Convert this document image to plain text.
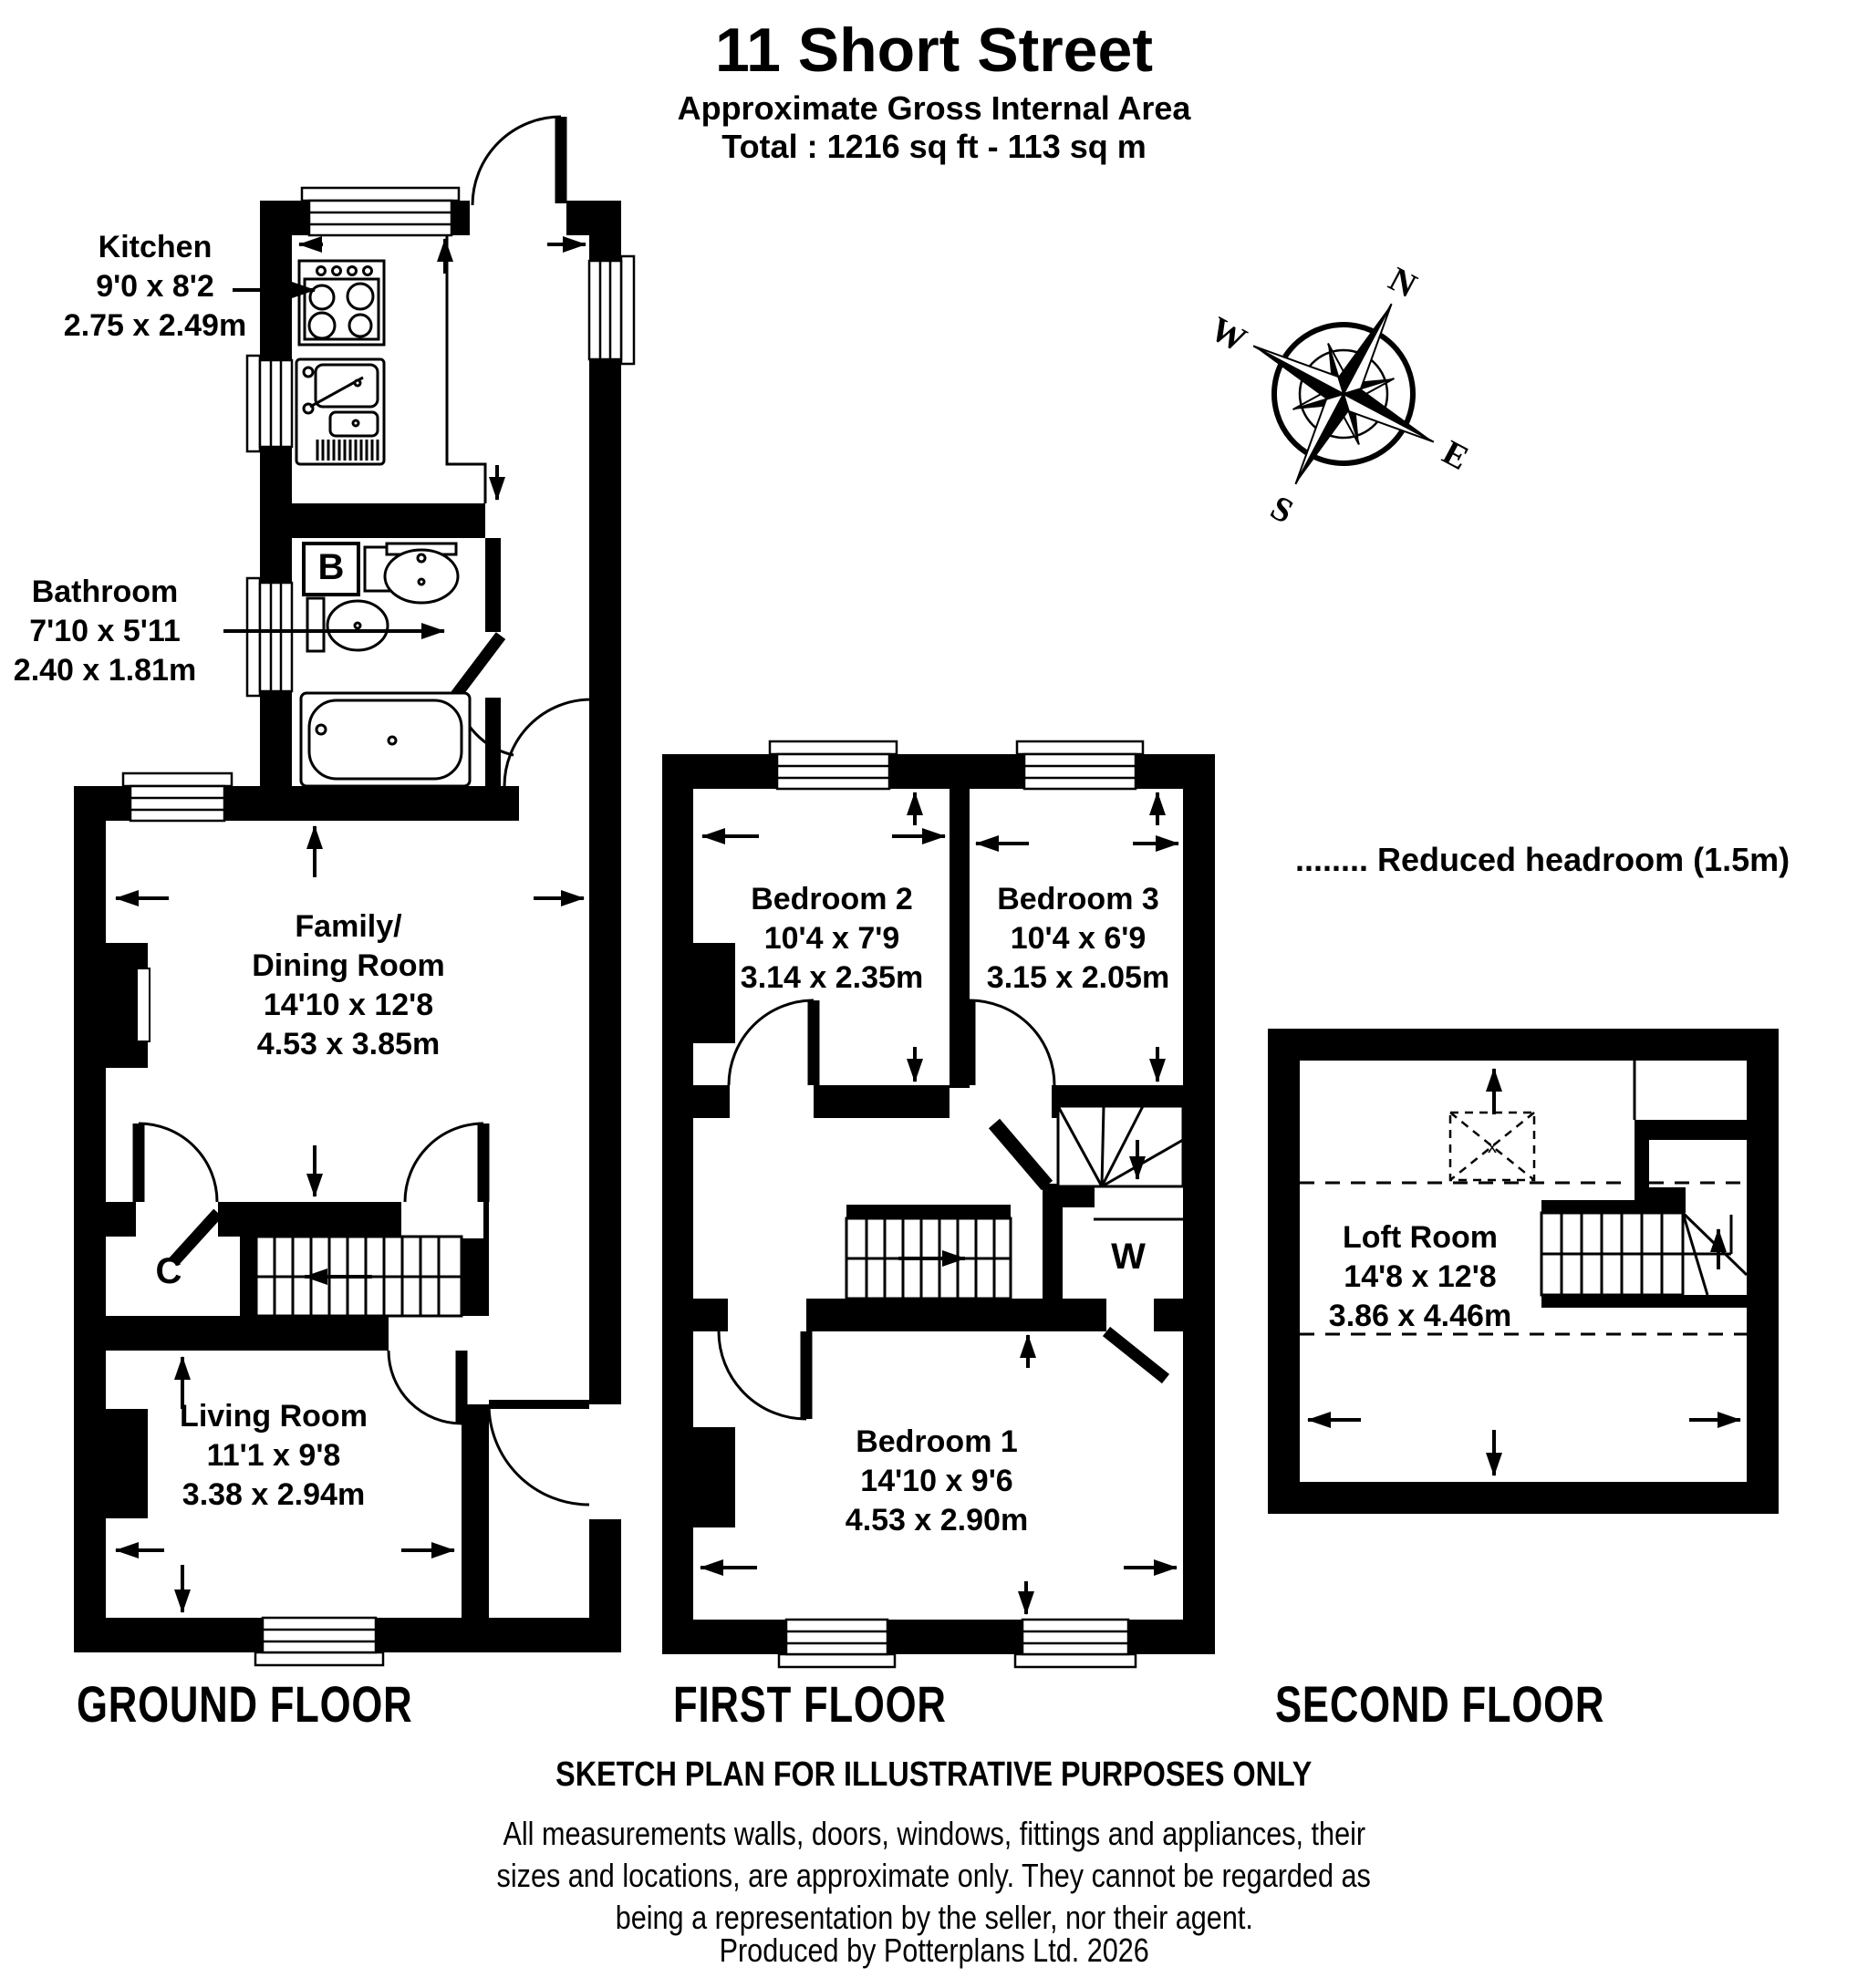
x
N
E
S
W
11 Short Street
Approximate Gross Internal Area
Total : 1216 sq ft - 113 sq m
Kitchen
9'0 x 8'2
2.75 x 2.49m
Bathroom
7'10 x 5'11
2.40 x 1.81m
Family/
Dining Room
14'10 x 12'8
4.53 x 3.85m
Living Room
11'1 x 9'8
3.38 x 2.94m
Bedroom 2
10'4 x 7'9
3.14 x 2.35m
Bedroom 3
10'4 x 6'9
3.15 x 2.05m
Bedroom 1
14'10 x 9'6
4.53 x 2.90m
Loft Room
14'8 x 12'8
3.86 x 4.46m
B
C	W
........ Reduced headroom (1.5m)
GROUND FLOOR	FIRST FLOOR	SECOND FLOOR
SKETCH PLAN FOR ILLUSTRATIVE PURPOSES ONLY
All measurements walls, doors, windows, fittings and appliances, their
sizes and locations, are approximate only. They cannot be regarded as
being a representation by the seller, nor their agent.
Produced by Potterplans Ltd. 2026
